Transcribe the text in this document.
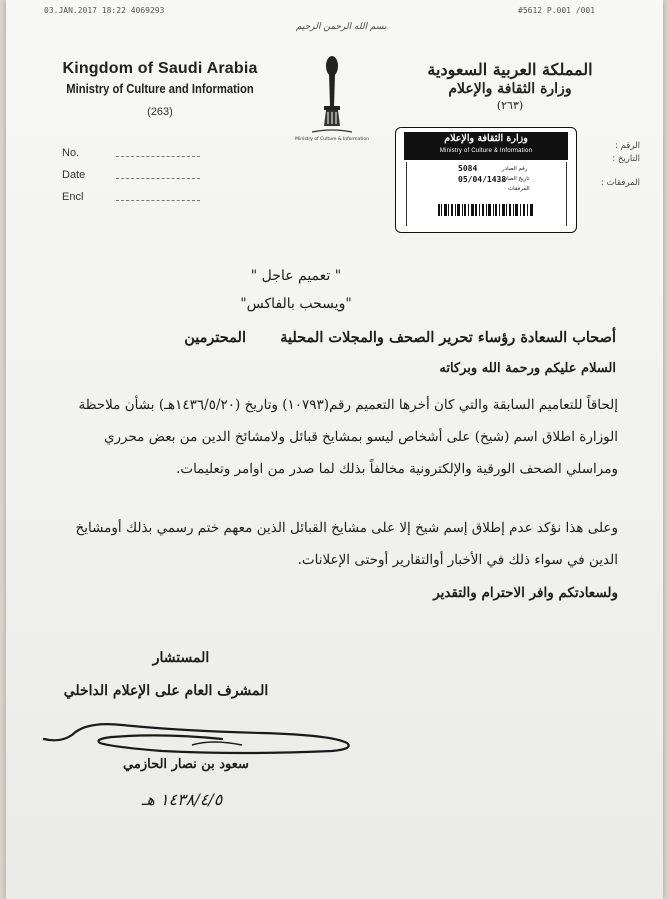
03.JAN.2017 18:22 4069293	#5612 P.001 /001
بسم الله الرحمن الرحيم
Kingdom of Saudi Arabia
Ministry of Culture and Information
(263)
No.
Date
Encl
Ministry of Culture & Information
المملكة العربية السعودية
وزارة الثقافة والإعلام
(٢٦٣)
الرقم :
التاريخ :
المرفقات :
وزارة الثقافة والإعلام
Ministry of Culture & Information
5084
05/04/1438
رقم الصادر
تاريخ الصادر
المرفقات
" تعميم عاجل "
"ويسحب بالفاكس"
أصحاب السعادة رؤساء تحرير الصحف والمجلات المحلية
المحترمين
السلام عليكم ورحمة الله وبركاته
إلحاقاً للتعاميم السابقة والتي كان أخرها التعميم رقم(١٠٧٩٣) وتاريخ (١٤٣٦/٥/٢٠هـ) بشأن ملاحظة الوزارة اطلاق اسم (شيخ) على أشخاص ليسو بمشايخ قبائل ولامشائخ الدين من بعض محرري ومراسلي الصحف الورقية والإلكترونية مخالفاً بذلك لما صدر من اوامر وتعليمات.
وعلى هذا نؤكد عدم إطلاق إسم شيخ إلا على مشايخ القبائل الذين معهم ختم رسمي بذلك أومشايخ الدين في سواء ذلك في الأخبار أوالتقارير أوحتى الإعلانات.
ولسعادتكم وافر الاحترام والتقدير
المستشار
المشرف العام على الإعلام الداخلي
سعود بن نصار الحازمي
١٤٣٨/٤/٥ هـ
